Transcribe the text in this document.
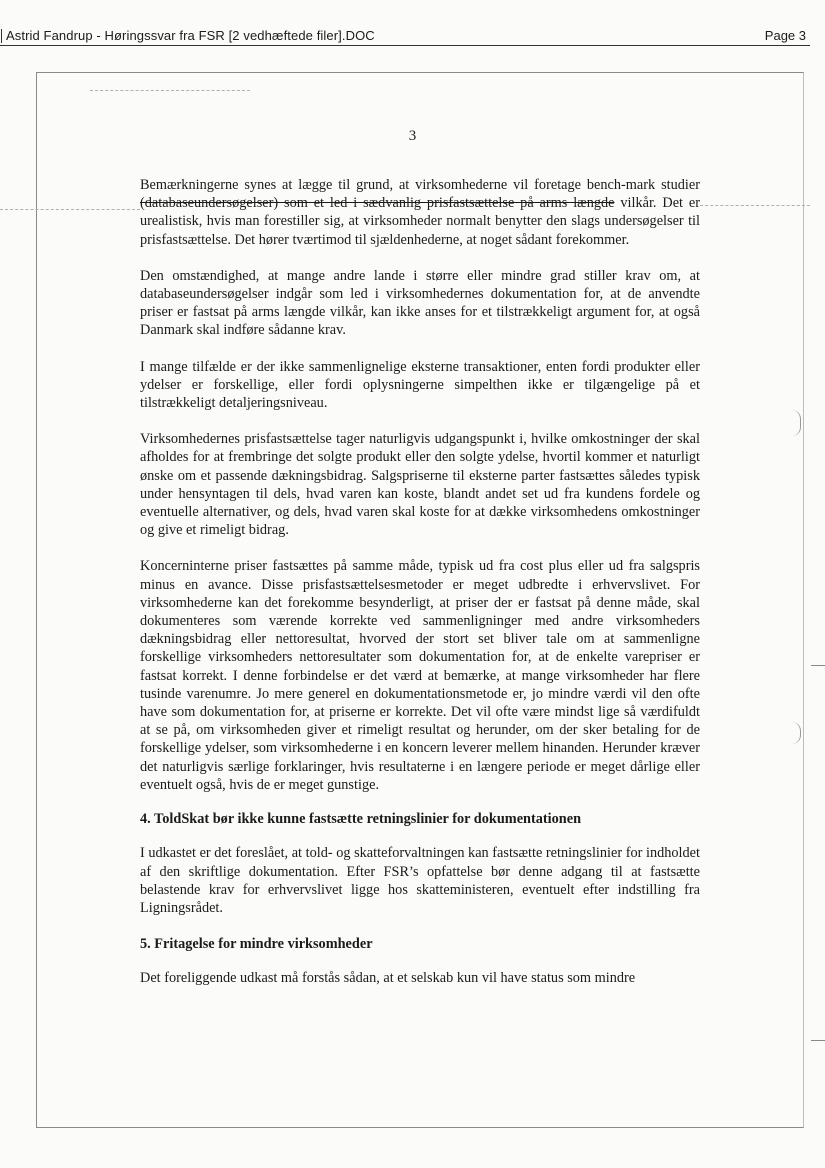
Astrid Fandrup - Høringssvar fra FSR [2 vedhæftede filer].DOC	Page 3
3

Bemærkningerne synes at lægge til grund, at virksomhederne vil foretage bench-mark studier (databaseundersøgelser) som et led i sædvanlig prisfastsættelse på arms længde vilkår. Det er urealistisk, hvis man forestiller sig, at virksomheder normalt benytter den slags undersøgelser til prisfastsættelse. Det hører tværtimod til sjældenhederne, at noget sådant forekommer.

Den omstændighed, at mange andre lande i større eller mindre grad stiller krav om, at databaseundersøgelser indgår som led i virksomhedernes dokumentation for, at de anvendte priser er fastsat på arms længde vilkår, kan ikke anses for et tilstrækkeligt argument for, at også Danmark skal indføre sådanne krav.

I mange tilfælde er der ikke sammenlignelige eksterne transaktioner, enten fordi produkter eller ydelser er forskellige, eller fordi oplysningerne simpelthen ikke er tilgængelige på et tilstrækkeligt detaljeringsniveau.

Virksomhedernes prisfastsættelse tager naturligvis udgangspunkt i, hvilke omkostninger der skal afholdes for at frembringe det solgte produkt eller den solgte ydelse, hvortil kommer et naturligt ønske om et passende dækningsbidrag. Salgspriserne til eksterne parter fastsættes således typisk under hensyntagen til dels, hvad varen kan koste, blandt andet set ud fra kundens fordele og eventuelle alternativer, og dels, hvad varen skal koste for at dække virksomhedens omkostninger og give et rimeligt bidrag.

Koncerninterne priser fastsættes på samme måde, typisk ud fra cost plus eller ud fra salgspris minus en avance. Disse prisfastsættelsesmetoder er meget udbredte i erhvervslivet. For virksomhederne kan det forekomme besynderligt, at priser der er fastsat på denne måde, skal dokumenteres som værende korrekte ved sammenligninger med andre virksomheders dækningsbidrag eller nettoresultat, hvorved der stort set bliver tale om at sammenligne forskellige virksomheders nettoresultater som dokumentation for, at de enkelte varepriser er fastsat korrekt. I denne forbindelse er det værd at bemærke, at mange virksomheder har flere tusinde varenumre. Jo mere generel en dokumentationsmetode er, jo mindre værdi vil den ofte have som dokumentation for, at priserne er korrekte. Det vil ofte være mindst lige så værdifuldt at se på, om virksomheden giver et rimeligt resultat og herunder, om der sker betaling for de forskellige ydelser, som virksomhederne i en koncern leverer mellem hinanden. Herunder kræver det naturligvis særlige forklaringer, hvis resultaterne i en længere periode er meget dårlige eller eventuelt også, hvis de er meget gunstige.

4. ToldSkat bør ikke kunne fastsætte retningslinier for dokumentationen

I udkastet er det foreslået, at told- og skatteforvaltningen kan fastsætte retningslinier for indholdet af den skriftlige dokumentation. Efter FSR’s opfattelse bør denne adgang til at fastsætte belastende krav for erhvervslivet ligge hos skatteministeren, eventuelt efter indstilling fra Ligningsrådet.

5. Fritagelse for mindre virksomheder

Det foreliggende udkast må forstås sådan, at et selskab kun vil have status som mindre
